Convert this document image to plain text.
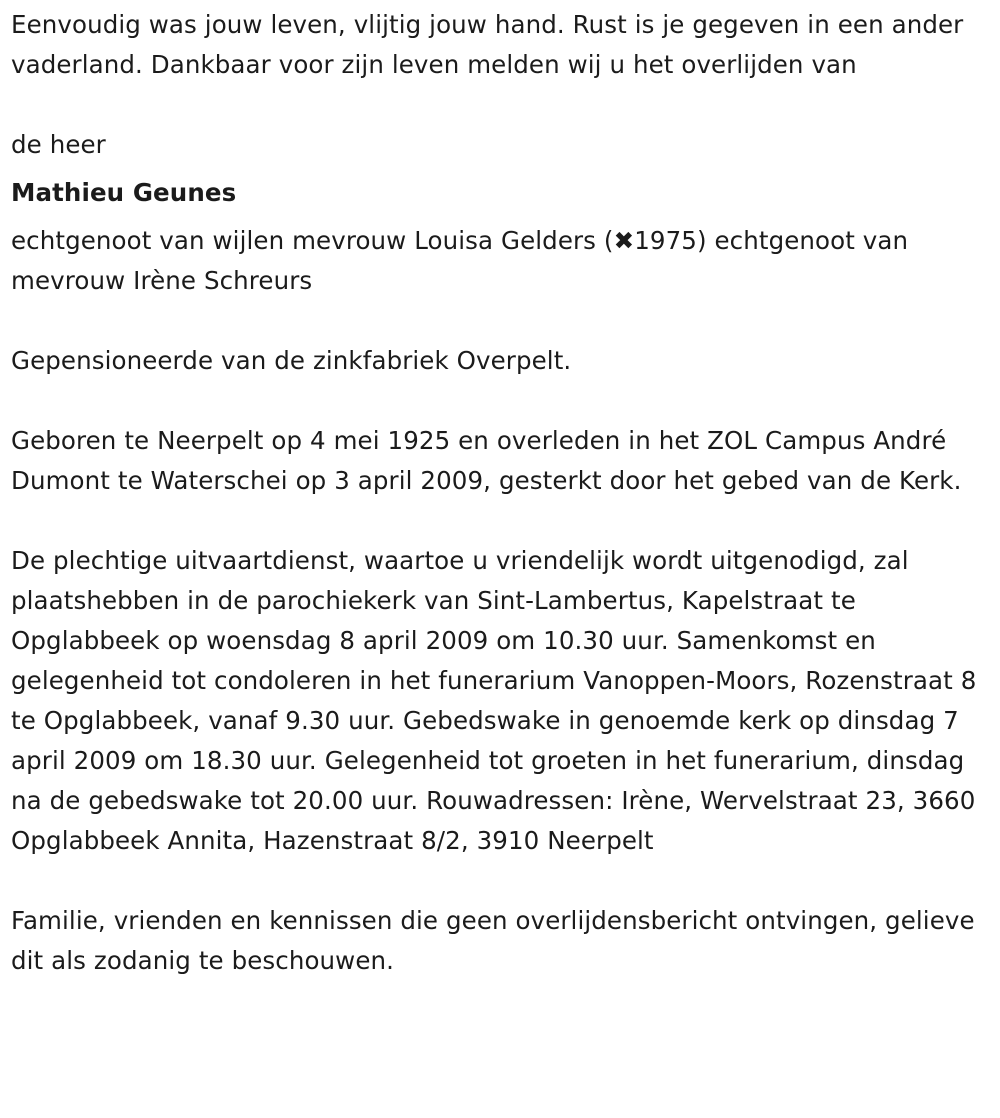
Eenvoudig was jouw leven, vlijtig jouw hand. Rust is je gegeven in een ander vaderland. Dankbaar voor zijn leven melden wij u het overlijden van

de heer

Mathieu Geunes

echtgenoot van wijlen mevrouw Louisa Gelders (✖1975) echtgenoot van mevrouw Irène Schreurs

Gepensioneerde van de zinkfabriek Overpelt.

Geboren te Neerpelt op 4 mei 1925 en overleden in het ZOL Campus André Dumont te Waterschei op 3 april 2009, gesterkt door het gebed van de Kerk.

De plechtige uitvaartdienst, waartoe u vriendelijk wordt uitgenodigd, zal plaatshebben in de parochiekerk van Sint-Lambertus, Kapelstraat te Opglabbeek op woensdag 8 april 2009 om 10.30 uur. Samenkomst en gelegenheid tot condoleren in het funerarium Vanoppen-Moors, Rozenstraat 8 te Opglabbeek, vanaf 9.30 uur. Gebedswake in genoemde kerk op dinsdag 7 april 2009 om 18.30 uur. Gelegenheid tot groeten in het funerarium, dinsdag na de gebedswake tot 20.00 uur. Rouwadressen: Irène, Wervelstraat 23, 3660 Opglabbeek Annita, Hazenstraat 8/2, 3910 Neerpelt

Familie, vrienden en kennissen die geen overlijdensbericht ontvingen, gelieve dit als zodanig te beschouwen.
